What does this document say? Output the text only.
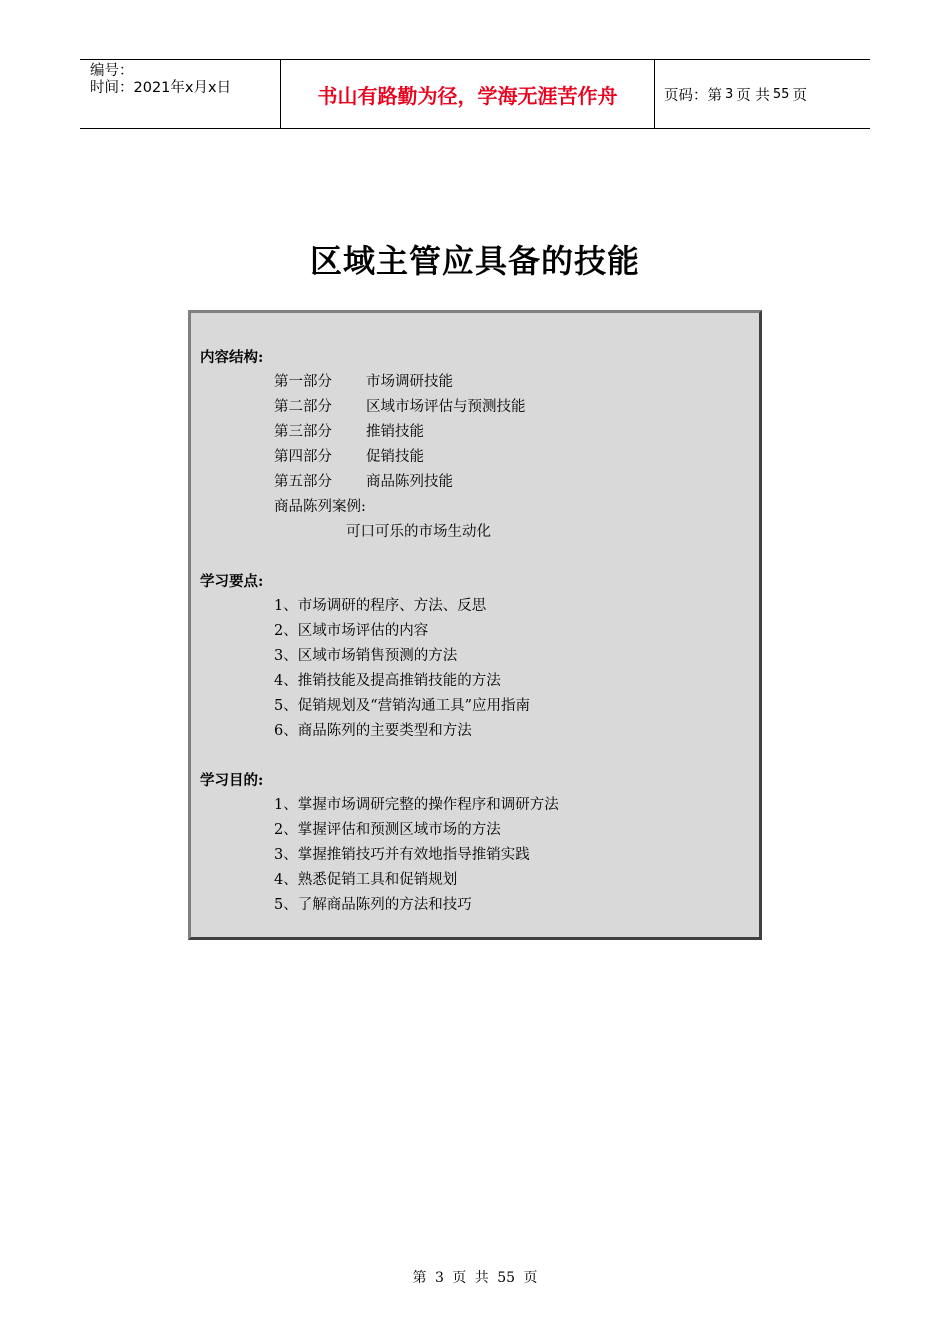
编号：
时间：2021年x月x日	书山有路勤为径，学海无涯苦作舟	页码：第 3 页 共 55 页
区域主管应具备的技能
内容结构:
第一部分 市场调研技能
第二部分 区域市场评估与预测技能
第三部分 推销技能
第四部分 促销技能
第五部分 商品陈列技能
商品陈列案例:
可口可乐的市场生动化
学习要点:
1、市场调研的程序、方法、反思
2、区域市场评估的内容
3、区域市场销售预测的方法
4、推销技能及提高推销技能的方法
5、促销规划及“营销沟通工具”应用指南
6、商品陈列的主要类型和方法
学习目的:
1、掌握市场调研完整的操作程序和调研方法
2、掌握评估和预测区域市场的方法
3、掌握推销技巧并有效地指导推销实践
4、熟悉促销工具和促销规划
5、了解商品陈列的方法和技巧
第 3 页 共 55 页
